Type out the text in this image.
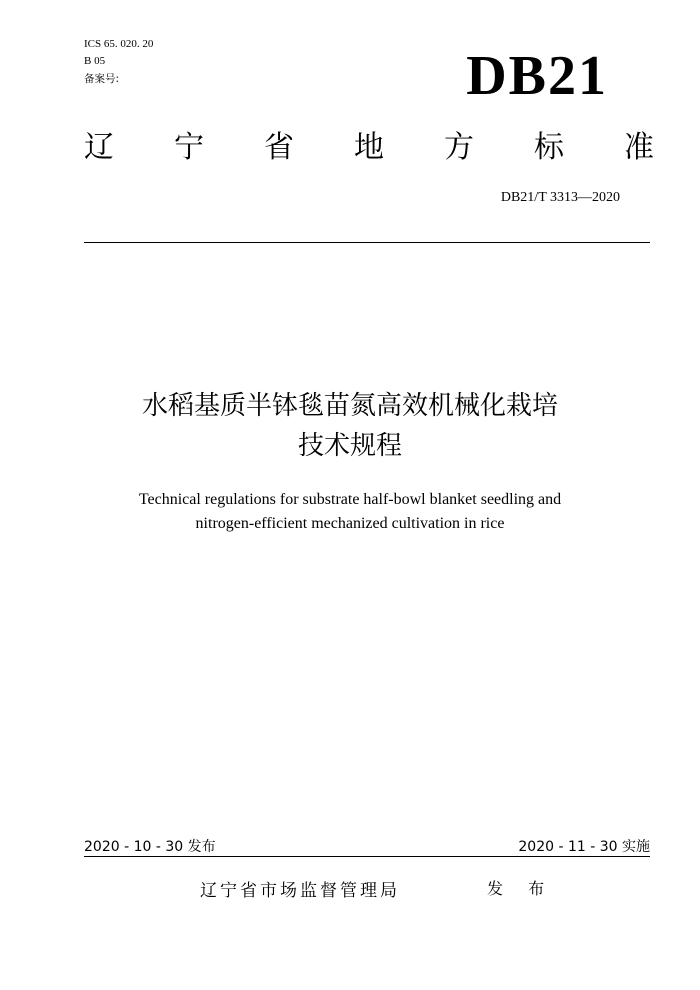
ICS 65. 020. 20
B 05
备案号:	DB21
辽 宁 省 地 方 标 准
DB21/T 3313—2020
水稻基质半钵毯苗氮高效机械化栽培
技术规程
Technical regulations for substrate half-bowl blanket seedling and
nitrogen-efficient mechanized cultivation in rice
2020 - 10 - 30 发布	2020 - 11 - 30 实施
辽宁省市场监督管理局	发 布
